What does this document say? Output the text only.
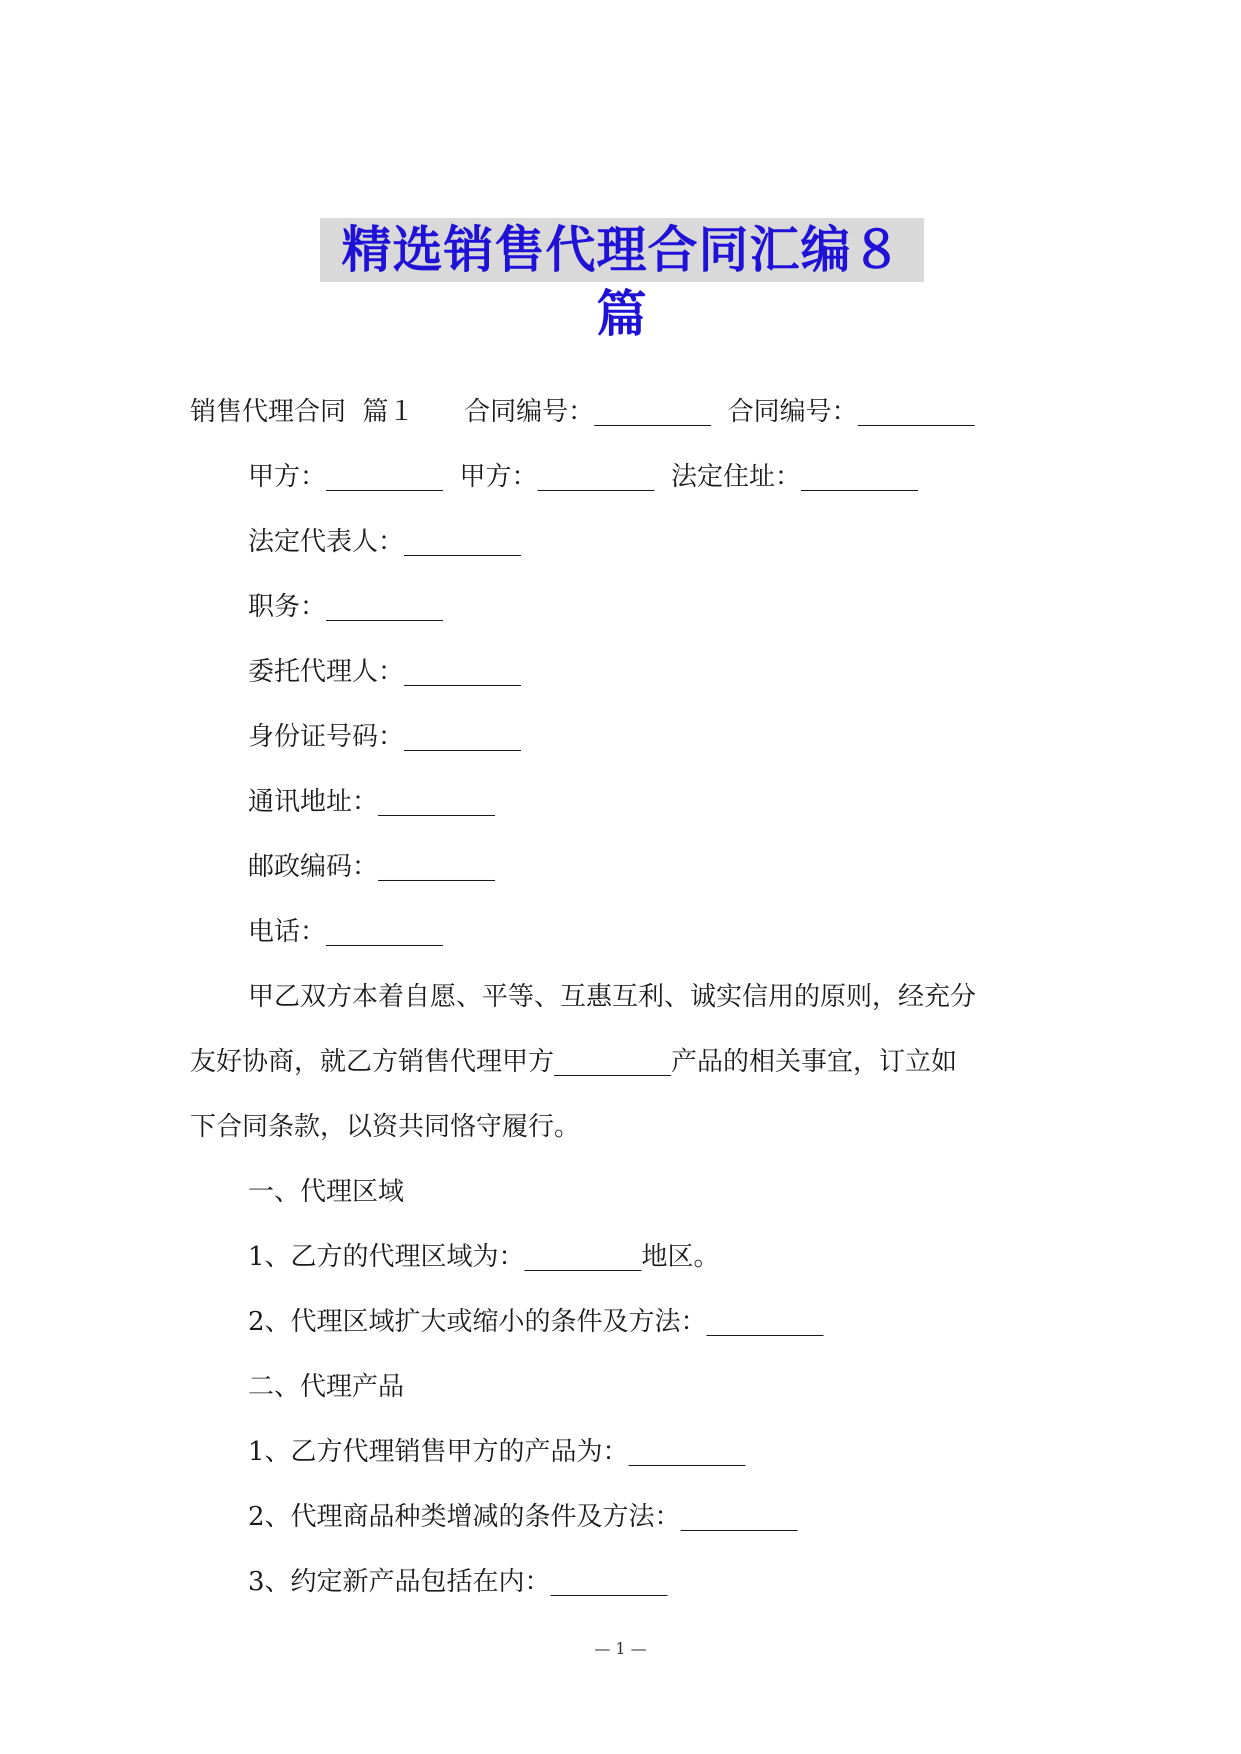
精选销售代理合同汇编８篇
销售代理合同  篇１      合同编号：_________  合同编号：_________
甲方：_________  甲方：_________  法定住址：_________
法定代表人：_________
职务：_________
委托代理人：_________
身份证号码：_________
通讯地址：_________
邮政编码：_________
电话：_________
甲乙双方本着自愿、平等、互惠互利、诚实信用的原则，经充分
友好协商，就乙方销售代理甲方_________产品的相关事宜，订立如
下合同条款，以资共同恪守履行。
一、代理区域
1、乙方的代理区域为：_________地区。
2、代理区域扩大或缩小的条件及方法：_________
二、代理产品
1、乙方代理销售甲方的产品为：_________
2、代理商品种类增减的条件及方法：_________
3、约定新产品包括在内：_________
— 1 —
